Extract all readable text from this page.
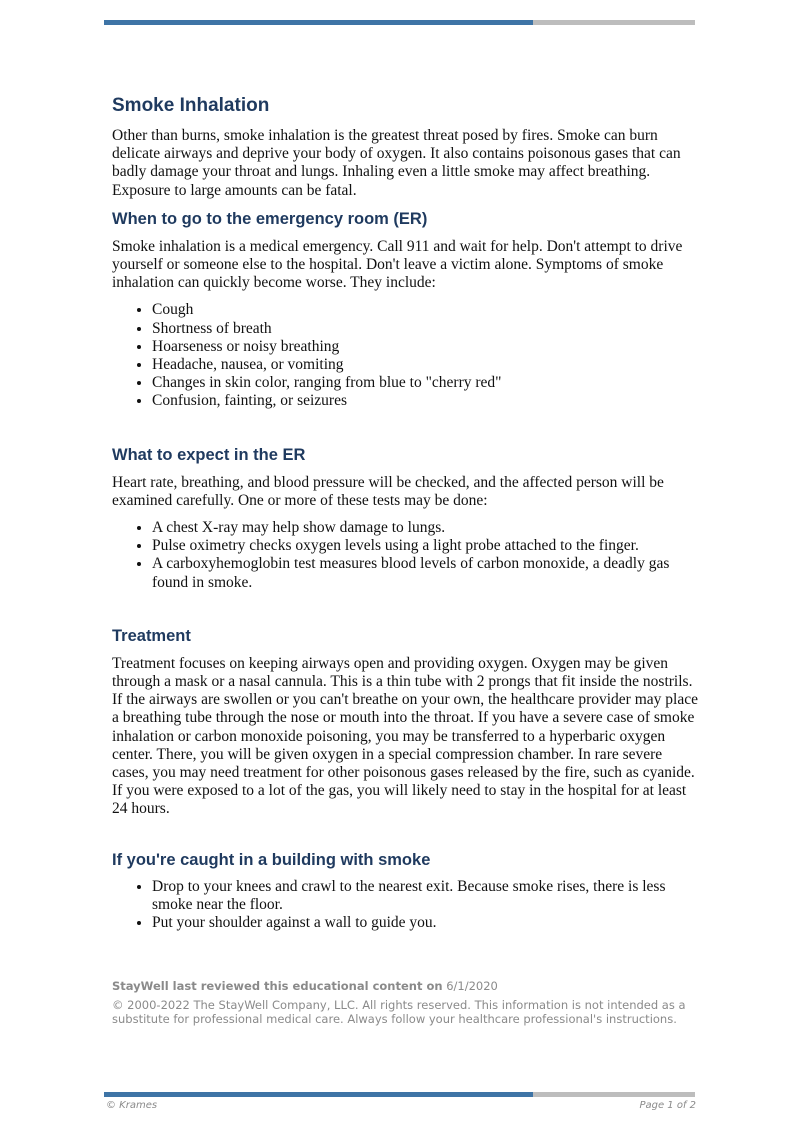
Smoke Inhalation

Other than burns, smoke inhalation is the greatest threat posed by fires. Smoke can burn delicate airways and deprive your body of oxygen. It also contains poisonous gases that can badly damage your throat and lungs. Inhaling even a little smoke may affect breathing. Exposure to large amounts can be fatal.

When to go to the emergency room (ER)

Smoke inhalation is a medical emergency. Call 911 and wait for help. Don't attempt to drive yourself or someone else to the hospital. Don't leave a victim alone. Symptoms of smoke inhalation can quickly become worse. They include:

• Cough
• Shortness of breath
• Hoarseness or noisy breathing
• Headache, nausea, or vomiting
• Changes in skin color, ranging from blue to "cherry red"
• Confusion, fainting, or seizures
What to expect in the ER

Heart rate, breathing, and blood pressure will be checked, and the affected person will be examined carefully. One or more of these tests may be done:

• A chest X-ray may help show damage to lungs.
• Pulse oximetry checks oxygen levels using a light probe attached to the finger.
• A carboxyhemoglobin test measures blood levels of carbon monoxide, a deadly gas found in smoke.
Treatment

Treatment focuses on keeping airways open and providing oxygen. Oxygen may be given through a mask or a nasal cannula. This is a thin tube with 2 prongs that fit inside the nostrils. If the airways are swollen or you can't breathe on your own, the healthcare provider may place a breathing tube through the nose or mouth into the throat. If you have a severe case of smoke inhalation or carbon monoxide poisoning, you may be transferred to a hyperbaric oxygen center. There, you will be given oxygen in a special compression chamber. In rare severe cases, you may need treatment for other poisonous gases released by the fire, such as cyanide. If you were exposed to a lot of the gas, you will likely need to stay in the hospital for at least 24 hours.

If you're caught in a building with smoke
• Drop to your knees and crawl to the nearest exit. Because smoke rises, there is less smoke near the floor.
• Put your shoulder against a wall to guide you.
StayWell last reviewed this educational content on 6/1/2020
© 2000-2022 The StayWell Company, LLC. All rights reserved. This information is not intended as a substitute for professional medical care. Always follow your healthcare professional's instructions.
© Krames	Page 1 of 2
